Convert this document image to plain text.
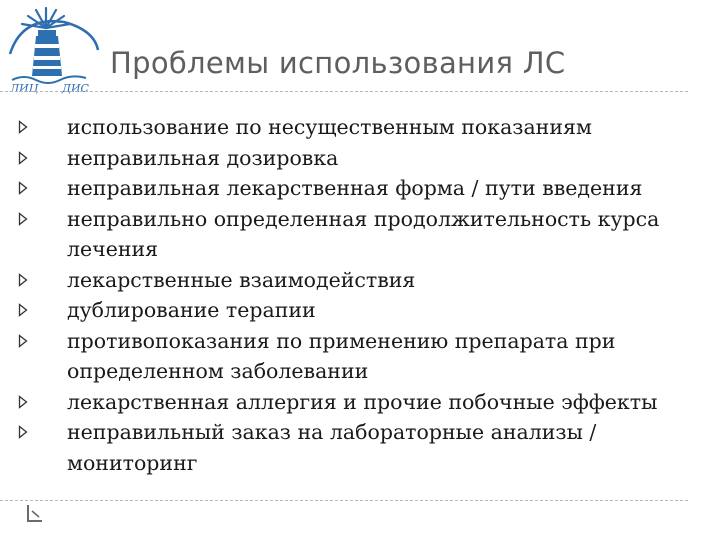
ЛИЦ ДИС
Проблемы использования ЛС
использование по несущественным показаниям
неправильная дозировка
неправильная лекарственная форма / пути введения
неправильно определенная продолжительность курса лечения
лекарственные взаимодействия
дублирование терапии
противопоказания по применению препарата при определенном заболевании
лекарственная аллергия и прочие побочные эффекты
неправильный заказ на лабораторные анализы / мониторинг
